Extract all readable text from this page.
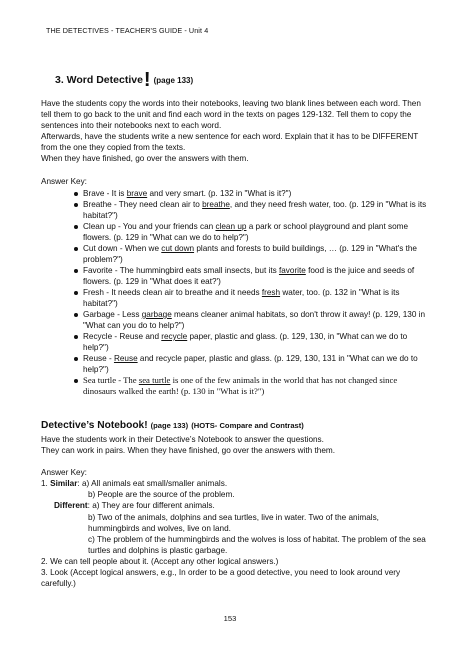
THE DETECTIVES - TEACHER'S GUIDE - Unit 4
3. Word Detective! (page 133)

Have the students copy the words into their notebooks, leaving two blank lines between each word. Then tell them to go back to the unit and find each word in the texts on pages 129-132. Tell them to copy the sentences into their notebooks next to each word.

Afterwards, have the students write a new sentence for each word. Explain that it has to be DIFFERENT from the one they copied from the texts.

When they have finished, go over the answers with them.

Answer Key:

Brave - It is brave and very smart. (p. 132 in "What is it?")
Breathe - They need clean air to breathe, and they need fresh water, too. (p. 129 in "What is its habitat?")
Clean up - You and your friends can clean up a park or school playground and plant some flowers. (p. 129 in "What can we do to help?")
Cut down - When we cut down plants and forests to build buildings, … (p. 129 in "What's the problem?")
Favorite - The hummingbird eats small insects, but its favorite food is the juice and seeds of flowers. (p. 129 in "What does it eat?')
Fresh - It needs clean air to breathe and it needs fresh water, too. (p. 132 in "What is its habitat?")
Garbage - Less garbage means cleaner animal habitats, so don't throw it away! (p. 129, 130 in "What can you do to help?")
Recycle - Reuse and recycle paper, plastic and glass. (p. 129, 130, in "What can we do to help?")
Reuse - Reuse and recycle paper, plastic and glass. (p. 129, 130, 131 in "What can we do to help?")
Sea turtle - The sea turtle is one of the few animals in the world that has not changed since dinosaurs walked the earth! (p. 130 in "What is it?")
Detective’s Notebook! (page 133) (HOTS- Compare and Contrast)

Have the students work in their Detective’s Notebook to answer the questions.

They can work in pairs. When they have finished, go over the answers with them.

Answer Key:

1. Similar: a) All animals eat small/smaller animals.

b) People are the source of the problem.

Different: a) They are four different animals.

b) Two of the animals, dolphins and sea turtles, live in water. Two of the animals, hummingbirds and wolves, live on land.

c) The problem of the hummingbirds and the wolves is loss of habitat. The problem of the sea turtles and dolphins is plastic garbage.

2. We can tell people about it. (Accept any other logical answers.)

3. Look (Accept logical answers, e.g., In order to be a good detective, you need to look around very carefully.)

153
